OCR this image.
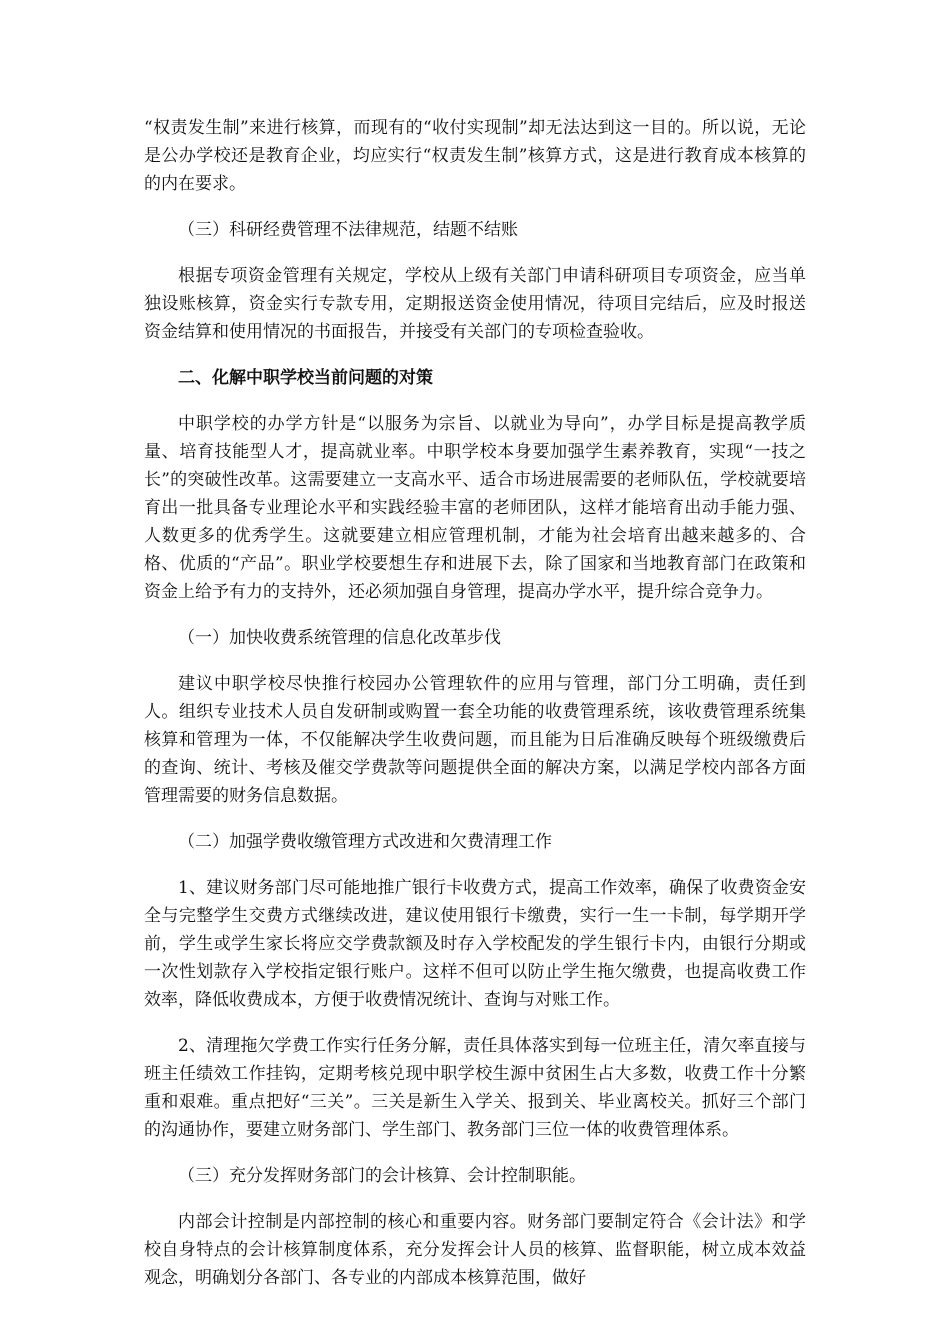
“权责发生制”来进行核算，而现有的“收付实现制”却无法达到这一目的。所以说，无论是公办学校还是教育企业，均应实行“权责发生制”核算方式，这是进行教育成本核算的的内在要求。

（三）科研经费管理不法律规范，结题不结账

根据专项资金管理有关规定，学校从上级有关部门申请科研项目专项资金，应当单独设账核算，资金实行专款专用，定期报送资金使用情况，待项目完结后，应及时报送资金结算和使用情况的书面报告，并接受有关部门的专项检查验收。

二、化解中职学校当前问题的对策

中职学校的办学方针是“以服务为宗旨、以就业为导向”，办学目标是提高教学质量、培育技能型人才，提高就业率。中职学校本身要加强学生素养教育，实现“一技之长”的突破性改革。这需要建立一支高水平、适合市场进展需要的老师队伍，学校就要培育出一批具备专业理论水平和实践经验丰富的老师团队，这样才能培育出动手能力强、人数更多的优秀学生。这就要建立相应管理机制，才能为社会培育出越来越多的、合格、优质的“产品”。职业学校要想生存和进展下去，除了国家和当地教育部门在政策和资金上给予有力的支持外，还必须加强自身管理，提高办学水平，提升综合竞争力。

（一）加快收费系统管理的信息化改革步伐

建议中职学校尽快推行校园办公管理软件的应用与管理，部门分工明确，责任到人。组织专业技术人员自发研制或购置一套全功能的收费管理系统，该收费管理系统集核算和管理为一体，不仅能解决学生收费问题，而且能为日后准确反映每个班级缴费后的查询、统计、考核及催交学费款等问题提供全面的解决方案，以满足学校内部各方面管理需要的财务信息数据。

（二）加强学费收缴管理方式改进和欠费清理工作

1、建议财务部门尽可能地推广银行卡收费方式，提高工作效率，确保了收费资金安全与完整学生交费方式继续改进，建议使用银行卡缴费，实行一生一卡制，每学期开学前，学生或学生家长将应交学费款额及时存入学校配发的学生银行卡内，由银行分期或一次性划款存入学校指定银行账户。这样不但可以防止学生拖欠缴费，也提高收费工作效率，降低收费成本，方便于收费情况统计、查询与对账工作。

2、清理拖欠学费工作实行任务分解，责任具体落实到每一位班主任，清欠率直接与班主任绩效工作挂钩，定期考核兑现中职学校生源中贫困生占大多数，收费工作十分繁重和艰难。重点把好“三关”。三关是新生入学关、报到关、毕业离校关。抓好三个部门的沟通协作，要建立财务部门、学生部门、教务部门三位一体的收费管理体系。

（三）充分发挥财务部门的会计核算、会计控制职能。

内部会计控制是内部控制的核心和重要内容。财务部门要制定符合《会计法》和学校自身特点的会计核算制度体系，充分发挥会计人员的核算、监督职能，树立成本效益观念，明确划分各部门、各专业的内部成本核算范围，做好
